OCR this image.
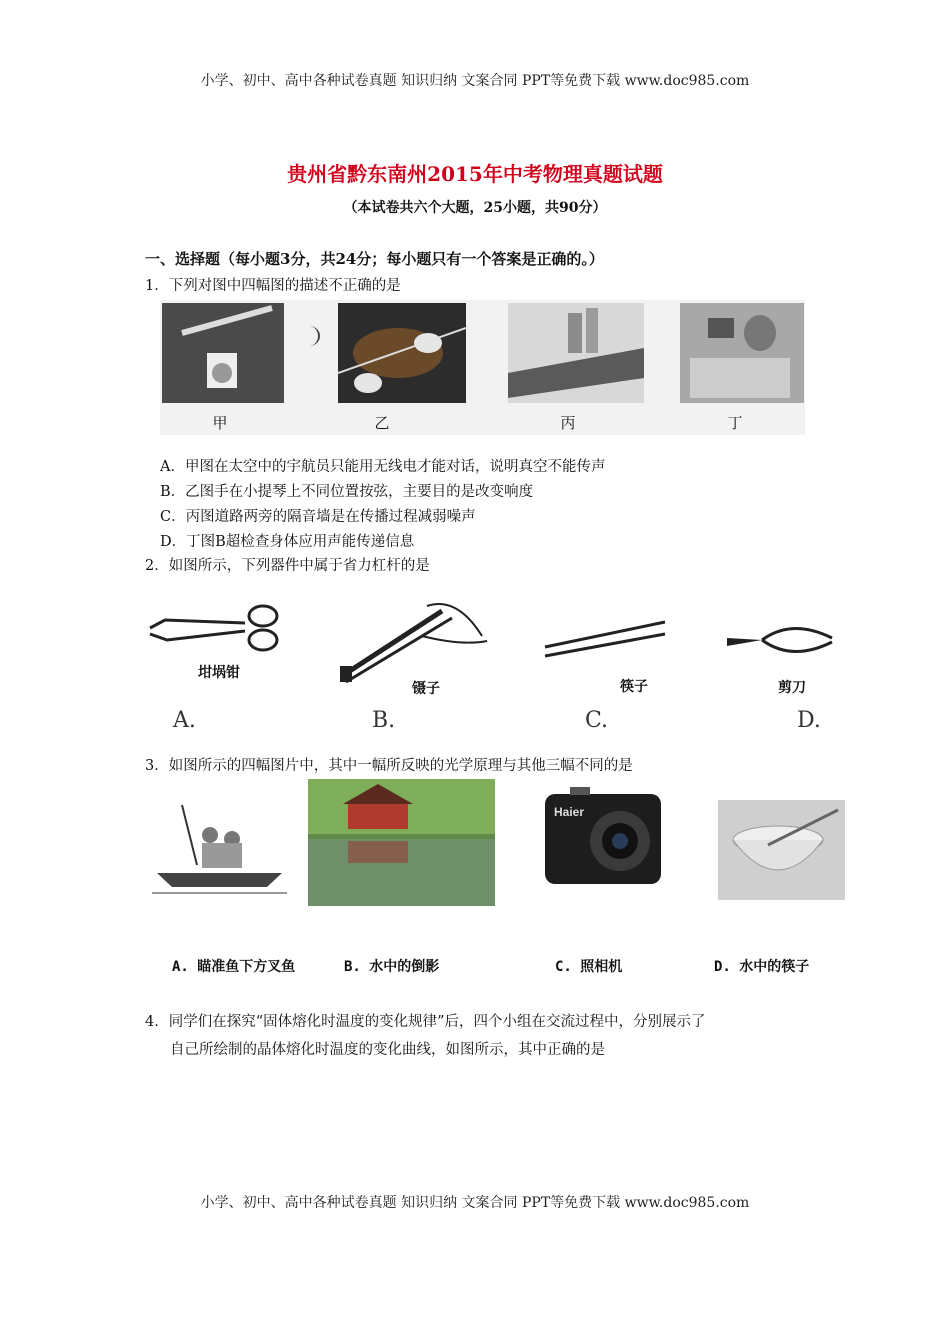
小学、初中、高中各种试卷真题 知识归纳 文案合同 PPT等免费下载 www.doc985.com
贵州省黔东南州2015年中考物理真题试题
（本试卷共六个大题，25小题，共90分）
一、选择题（每小题3分，共24分；每小题只有一个答案是正确的。）
1．下列对图中四幅图的描述不正确的是
甲	乙	丙	丁
A．甲图在太空中的宇航员只能用无线电才能对话，说明真空不能传声
B．乙图手在小提琴上不同位置按弦，主要目的是改变响度
C．丙图道路两旁的隔音墙是在传播过程减弱噪声
D．丁图B超检查身体应用声能传递信息
2．如图所示，下列器件中属于省力杠杆的是
坩埚钳
A.
镊子
B.
筷子
C.
剪刀
D.
3．如图所示的四幅图片中，其中一幅所反映的光学原理与其他三幅不同的是
Haier
A. 瞄准鱼下方叉鱼	B. 水中的倒影	C. 照相机	D. 水中的筷子
4．同学们在探究“固体熔化时温度的变化规律”后，四个小组在交流过程中，分别展示了
自己所绘制的晶体熔化时温度的变化曲线，如图所示，其中正确的是
小学、初中、高中各种试卷真题 知识归纳 文案合同 PPT等免费下载 www.doc985.com
